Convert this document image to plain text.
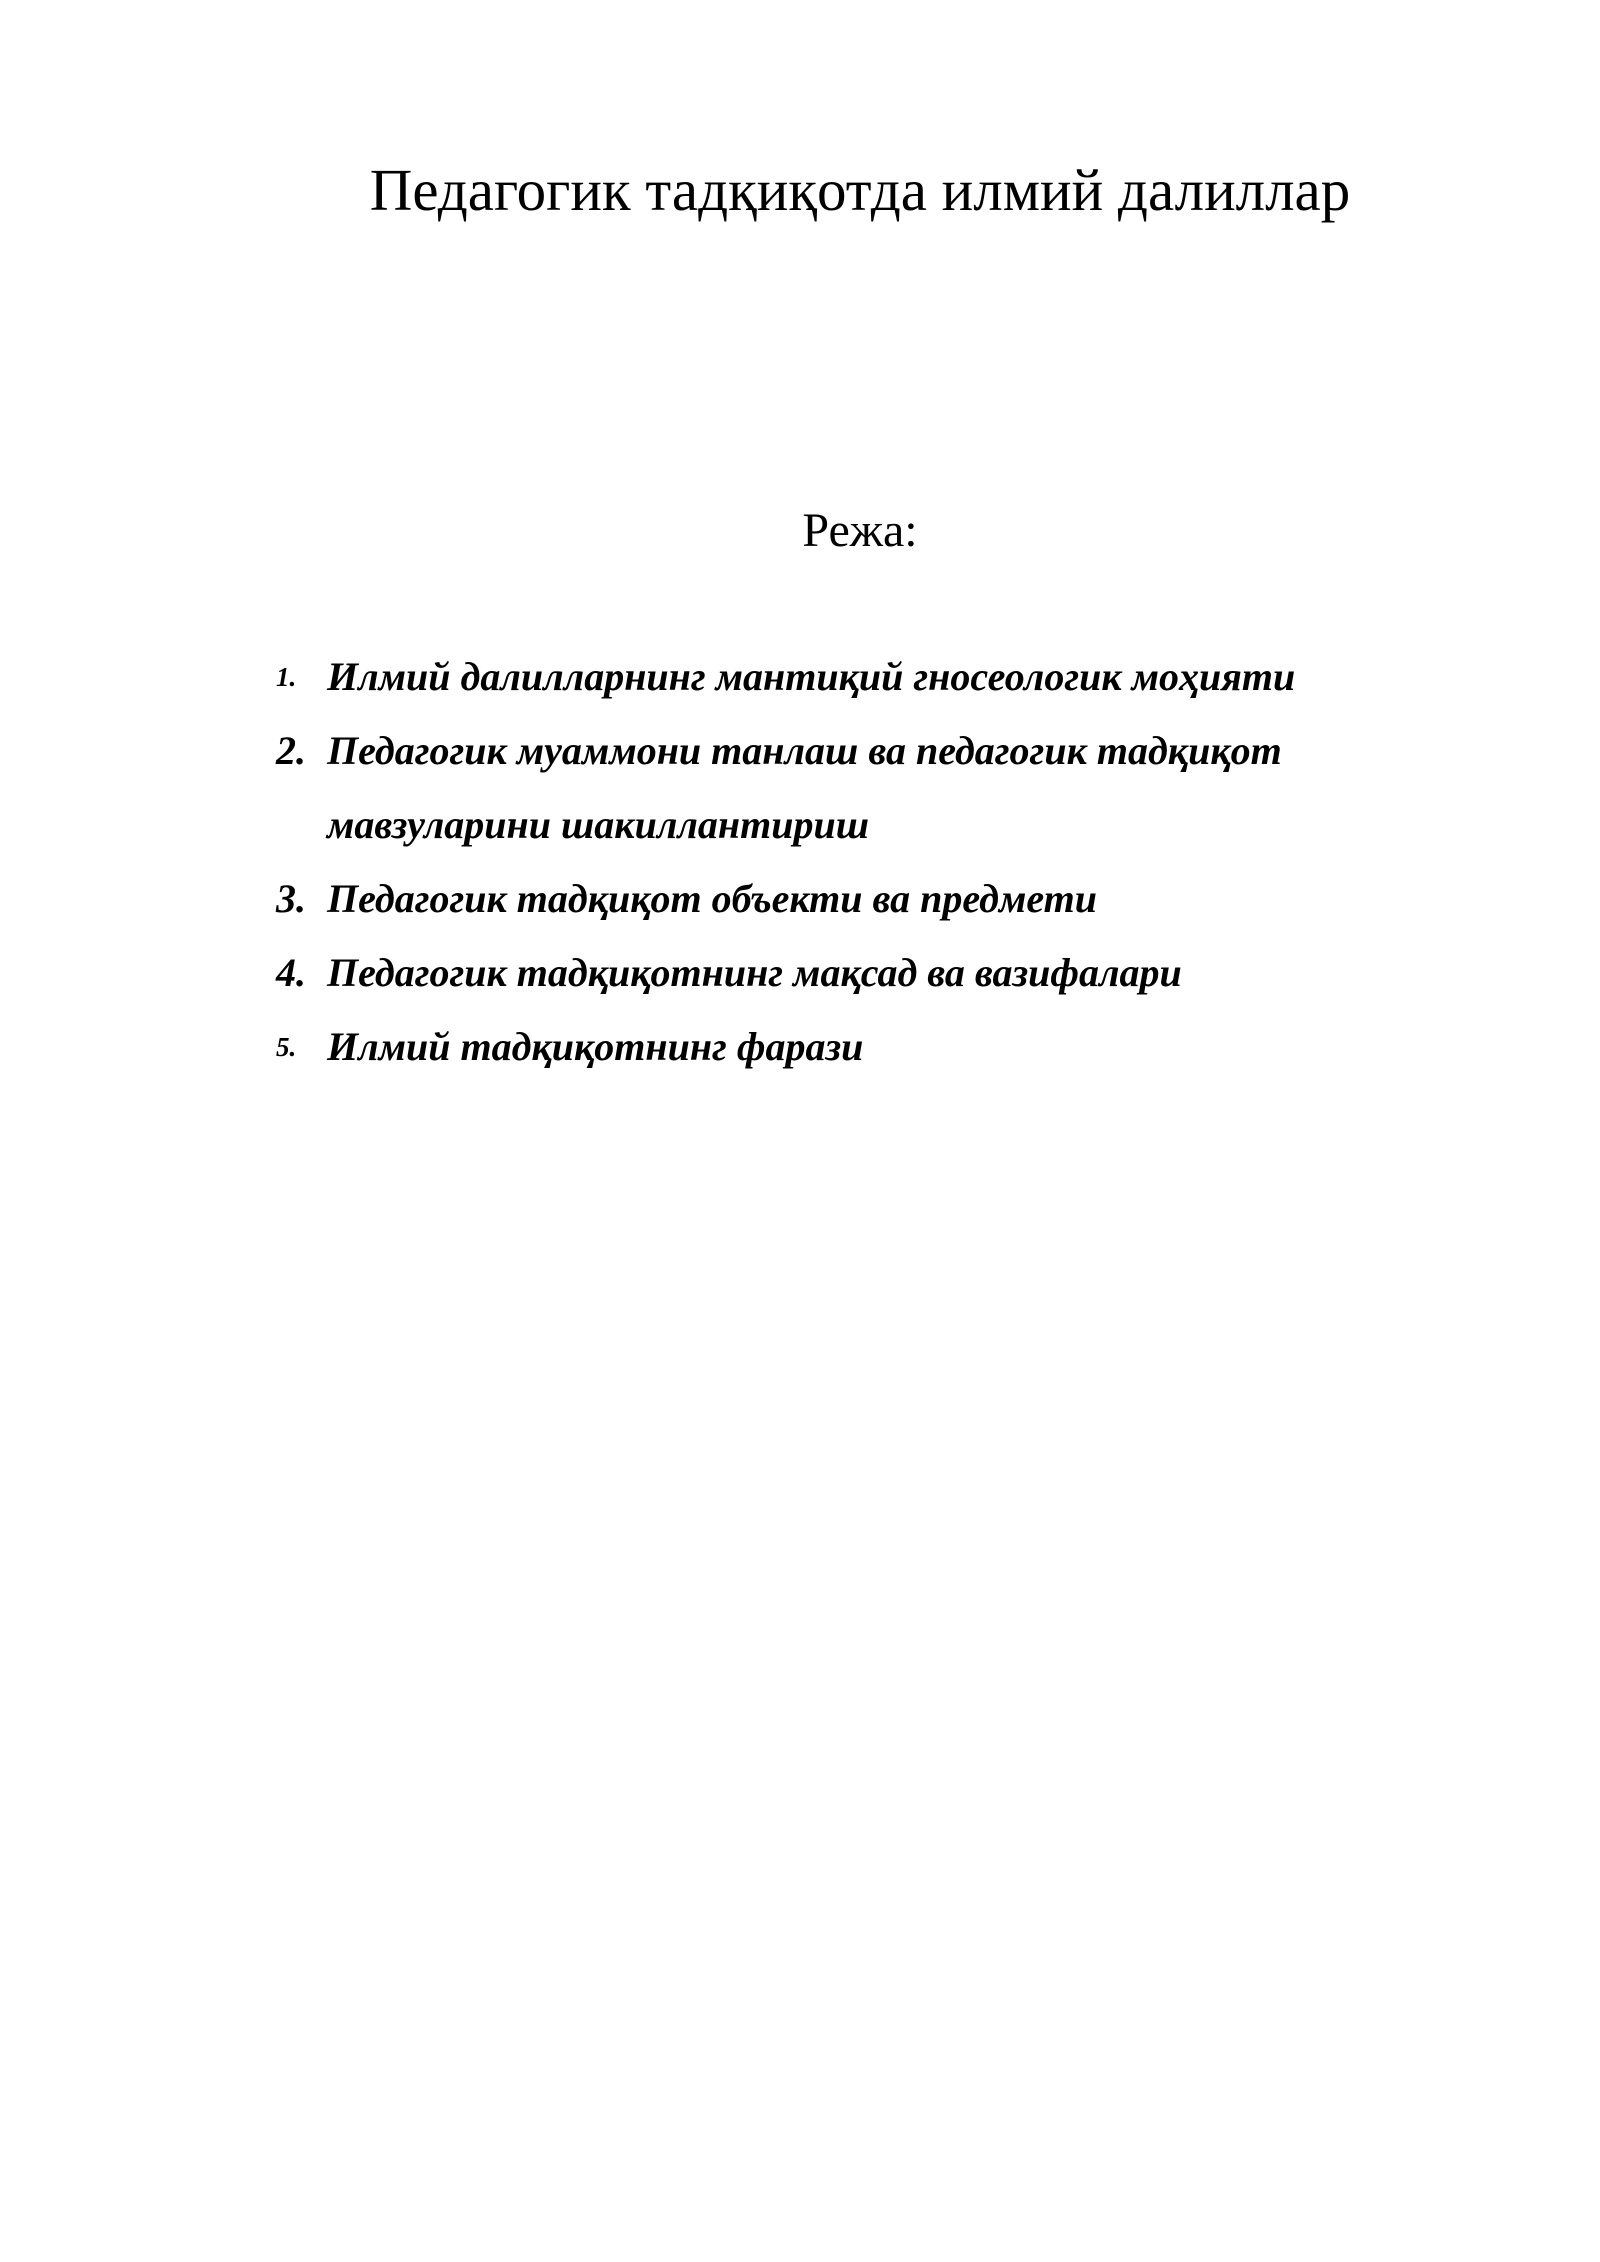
Педагогик тадқиқотда илмий далиллар
Режа:
1. Илмий далилларнинг мантиқий гносеологик моҳияти
2. Педагогик муаммони танлаш ва педагогик тадқиқот мавзуларини шакиллантириш
3. Педагогик тадқиқот объекти ва предмети
4. Педагогик тадқиқотнинг мақсад ва вазифалари
5. Илмий тадқиқотнинг фарази
